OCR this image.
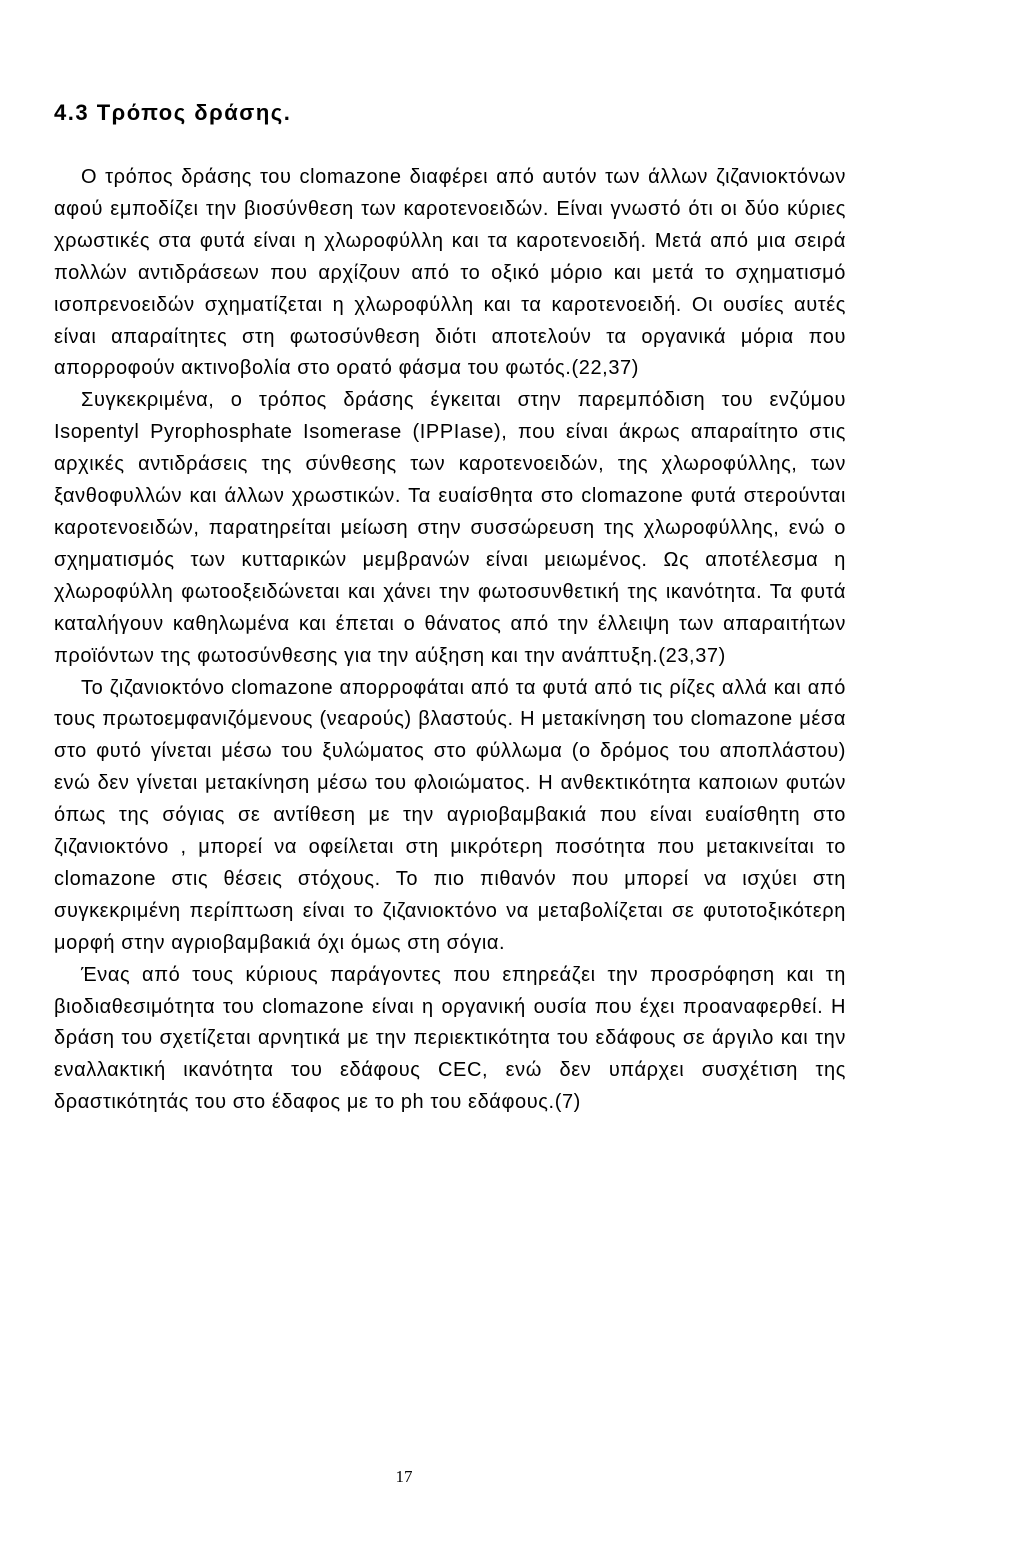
4.3 Τρόπος δράσης.

Ο τρόπος δράσης του clomazone διαφέρει από αυτόν των άλλων ζιζανιοκτόνων αφού εμποδίζει την βιοσύνθεση των καροτενοειδών. Είναι γνωστό ότι οι δύο κύριες χρωστικές στα φυτά είναι η χλωροφύλλη και τα καροτενοειδή. Μετά από μια σειρά πολλών αντιδράσεων που αρχίζουν από το οξικό μόριο και μετά το σχηματισμό ισοπρενοειδών σχηματίζεται η χλωροφύλλη και τα καροτενοειδή. Οι ουσίες αυτές είναι απαραίτητες στη φωτοσύνθεση διότι αποτελούν τα οργανικά μόρια που απορροφούν ακτινοβολία στο ορατό φάσμα του φωτός.(22,37)

Συγκεκριμένα, ο τρόπος δράσης έγκειται στην παρεμπόδιση του ενζύμου Isopentyl Pyrophosphate Isomerase (IPPIase), που είναι άκρως απαραίτητο στις αρχικές αντιδράσεις της σύνθεσης των καροτενοειδών, της χλωροφύλλης, των ξανθοφυλλών και άλλων χρωστικών. Τα ευαίσθητα στο clomazone φυτά στερούνται καροτενοειδών, παρατηρείται μείωση στην συσσώρευση της χλωροφύλλης, ενώ ο σχηματισμός των κυτταρικών μεμβρανών είναι μειωμένος. Ως αποτέλεσμα η χλωροφύλλη φωτοοξειδώνεται και χάνει την φωτοσυνθετική της ικανότητα. Τα φυτά καταλήγουν καθηλωμένα και έπεται ο θάνατος από την έλλειψη των απαραιτήτων προϊόντων της φωτοσύνθεσης για την αύξηση και την ανάπτυξη.(23,37)

Το ζιζανιοκτόνο clomazone απορροφάται από τα φυτά από τις ρίζες αλλά και από τους πρωτοεμφανιζόμενους (νεαρούς) βλαστούς. Η μετακίνηση του clomazone μέσα στο φυτό γίνεται μέσω του ξυλώματος στο φύλλωμα (ο δρόμος του αποπλάστου) ενώ δεν γίνεται μετακίνηση μέσω του φλοιώματος. Η ανθεκτικότητα καποιων φυτών όπως της σόγιας σε αντίθεση με την αγριοβαμβακιά που είναι ευαίσθητη στο ζιζανιοκτόνο , μπορεί να οφείλεται στη μικρότερη ποσότητα που μετακινείται το clomazone στις θέσεις στόχους. Το πιο πιθανόν που μπορεί να ισχύει στη συγκεκριμένη περίπτωση είναι το ζιζανιοκτόνο να μεταβολίζεται σε φυτοτοξικότερη μορφή στην αγριοβαμβακιά όχι όμως στη σόγια.

Ένας από τους κύριους παράγοντες που επηρεάζει την προσρόφηση και τη βιοδιαθεσιμότητα του clomazone είναι η οργανική ουσία που έχει προαναφερθεί. Η δράση του σχετίζεται αρνητικά με την περιεκτικότητα του εδάφους σε άργιλο και την εναλλακτική ικανότητα του εδάφους CEC, ενώ δεν υπάρχει συσχέτιση της δραστικότητάς του στο έδαφος με το ph του εδάφους.(7)

17
